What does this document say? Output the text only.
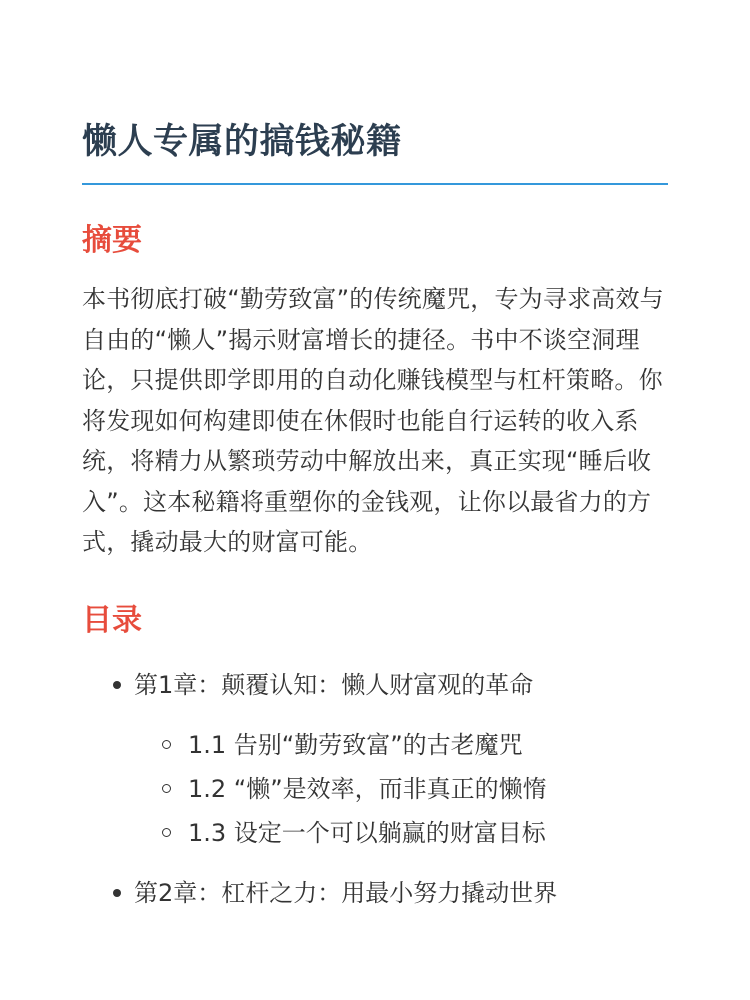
懒人专属的搞钱秘籍
摘要

本书彻底打破“勤劳致富”的传统魔咒，专为寻求高效与自由的“懒人”揭示财富增长的捷径。书中不谈空洞理论，只提供即学即用的自动化赚钱模型与杠杆策略。你将发现如何构建即使在休假时也能自行运转的收入系统，将精力从繁琐劳动中解放出来，真正实现“睡后收入”。这本秘籍将重塑你的金钱观，让你以最省力的方式，撬动最大的财富可能。

目录
第1章：颠覆认知：懒人财富观的革命
1.1 告别“勤劳致富”的古老魔咒
1.2 “懒”是效率，而非真正的懒惰
1.3 设定一个可以躺赢的财富目标
第2章：杠杆之力：用最小努力撬动世界
